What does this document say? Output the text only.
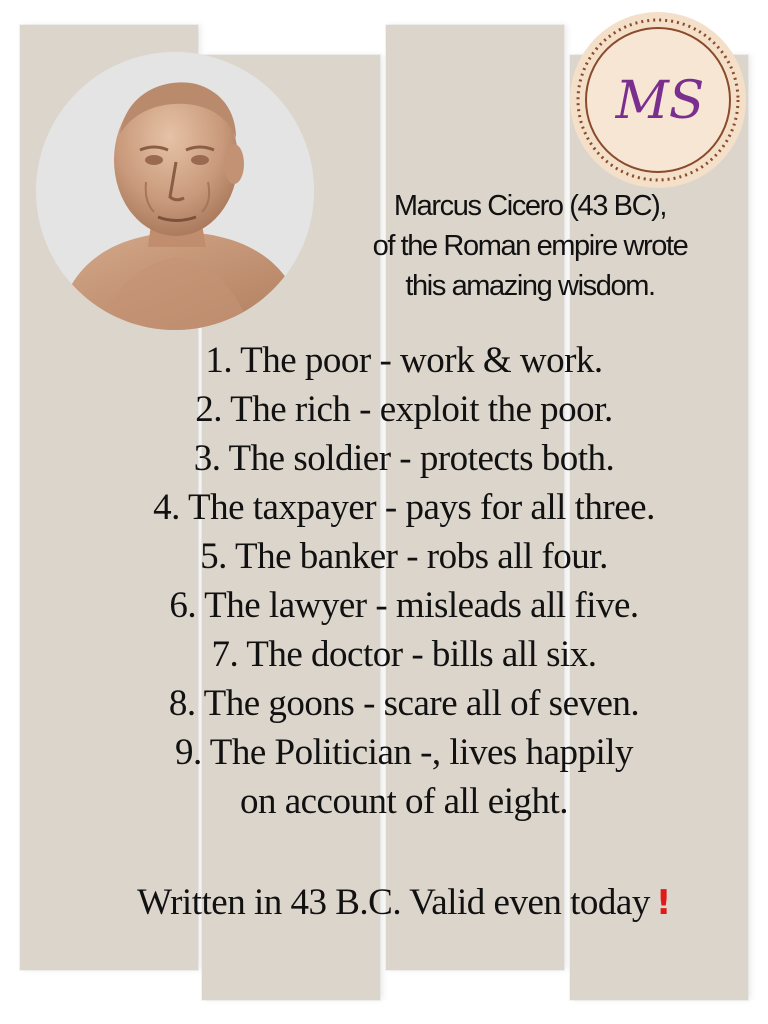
MS
Marcus Cicero (43 BC),
of the Roman empire wrote
this amazing wisdom.
1. The poor - work & work.
2. The rich - exploit the poor.
3. The soldier - protects both.
4. The taxpayer - pays for all three.
5. The banker - robs all four.
6. The lawyer - misleads all five.
7. The doctor - bills all six.
8. The goons - scare all of seven.
9. The Politician -, lives happily
on account of all eight.
Written in 43 B.C. Valid even today !
